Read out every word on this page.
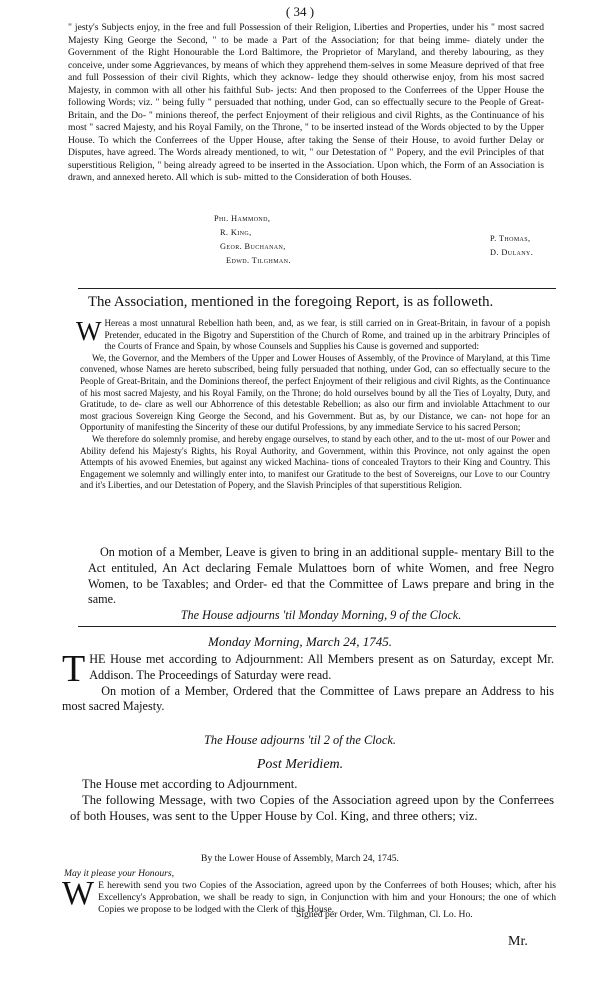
( 34 )
" jesty's Subjects enjoy, in the free and full Possession of their Religion, Liberties and Properties, under his " most sacred Majesty King George the Second, " to be made a Part of the Association; for that being imme- diately under the Government of the Right Honourable the Lord Baltimore, the Proprietor of Maryland, and thereby labouring, as they conceive, under some Aggrievances, by means of which they apprehend them-selves in some Measure deprived of that free and full Possession of their civil Rights, which they acknow- ledge they should otherwise enjoy, from his most sacred Majesty, in common with all other his faithful Sub- jects: And then proposed to the Conferrees of the Upper House the following Words; viz. " being fully " persuaded that nothing, under God, can so effectually secure to the People of Great-Britain, and the Do- " minions thereof, the perfect Enjoyment of their religious and civil Rights, as the Continuance of his most " sacred Majesty, and his Royal Family, on the Throne, " to be inserted instead of the Words objected to by the Upper House. To which the Conferrees of the Upper House, after taking the Sense of their House, to avoid further Delay or Disputes, have agreed. The Words already mentioned, to wit, " our Detestation of " Popery, and the evil Principles of that superstitious Religion, " being already agreed to be inserted in the Association. Upon which, the Form of an Association is drawn, and annexed hereto. All which is sub- mitted to the Consideration of both Houses.
Phi. Hammond,
R. King,
Geor. Buchanan,
Edwd. Tilghman.
P. Thomas,
D. Dulany.
The Association, mentioned in the foregoing Report, is as followeth.

W Hereas a most unnatural Rebellion hath been, and, as we fear, is still carried on in Great-Britain, in favour of a popish Pretender, educated in the Bigotry and Superstition of the Church of Rome, and trained up in the arbitrary Principles of the Courts of France and Spain, by whose Counsels and Supplies his Cause is governed and supported:

We, the Governor, and the Members of the Upper and Lower Houses of Assembly, of the Province of Maryland, at this Time convened, whose Names are hereto subscribed, being fully persuaded that nothing, under God, can so effectually secure to the People of Great-Britain, and the Dominions thereof, the perfect Enjoyment of their religious and civil Rights, as the Continuance of his most sacred Majesty, and his Royal Family, on the Throne; do hold ourselves bound by all the Ties of Loyalty, Duty, and Gratitude, to de- clare as well our Abhorrence of this detestable Rebellion; as also our firm and inviolable Attachment to our most gracious Sovereign King George the Second, and his Government. But as, by our Distance, we can- not hope for an Opportunity of manifesting the Sincerity of these our dutiful Professions, by any immediate Service to his sacred Person;

We therefore do solemnly promise, and hereby engage ourselves, to stand by each other, and to the ut- most of our Power and Ability defend his Majesty's Rights, his Royal Authority, and Government, within this Province, not only against the open Attempts of his avowed Enemies, but against any wicked Machina- tions of concealed Traytors to their King and Country. This Engagement we solemnly and willingly enter into, to manifest our Gratitude to the best of Sovereigns, our Love to our Country and it's Liberties, and our Detestation of Popery, and the Slavish Principles of that superstitious Religion.

On motion of a Member, Leave is given to bring in an additional supple- mentary Bill to the Act entituled, An Act declaring Female Mulattoes born of white Women, and free Negro Women, to be Taxables; and Order- ed that the Committee of Laws prepare and bring in the same.

The House adjourns 'til Monday Morning, 9 of the Clock.

Monday Morning, March 24, 1745.

THE House met according to Adjournment: All Members present as on Saturday, except Mr. Addison. The Proceedings of Saturday were read.

On motion of a Member, Ordered that the Committee of Laws prepare an Address to his most sacred Majesty.

The House adjourns 'til 2 of the Clock.
Post Meridiem.

The House met according to Adjournment.

The following Message, with two Copies of the Association agreed upon by the Conferrees of both Houses, was sent to the Upper House by Col. King, and three others; viz.

By the Lower House of Assembly, March 24, 1745.
May it please your Honours,

W E herewith send you two Copies of the Association, agreed upon by the Conferrees of both Houses; which, after his Excellency's Approbation, we shall be ready to sign, in Conjunction with him and your Honours; the one of which Copies we propose to be lodged with the Clerk of this House.

Signed per Order, Wm. Tilghman, Cl. Lo. Ho.
Mr.
